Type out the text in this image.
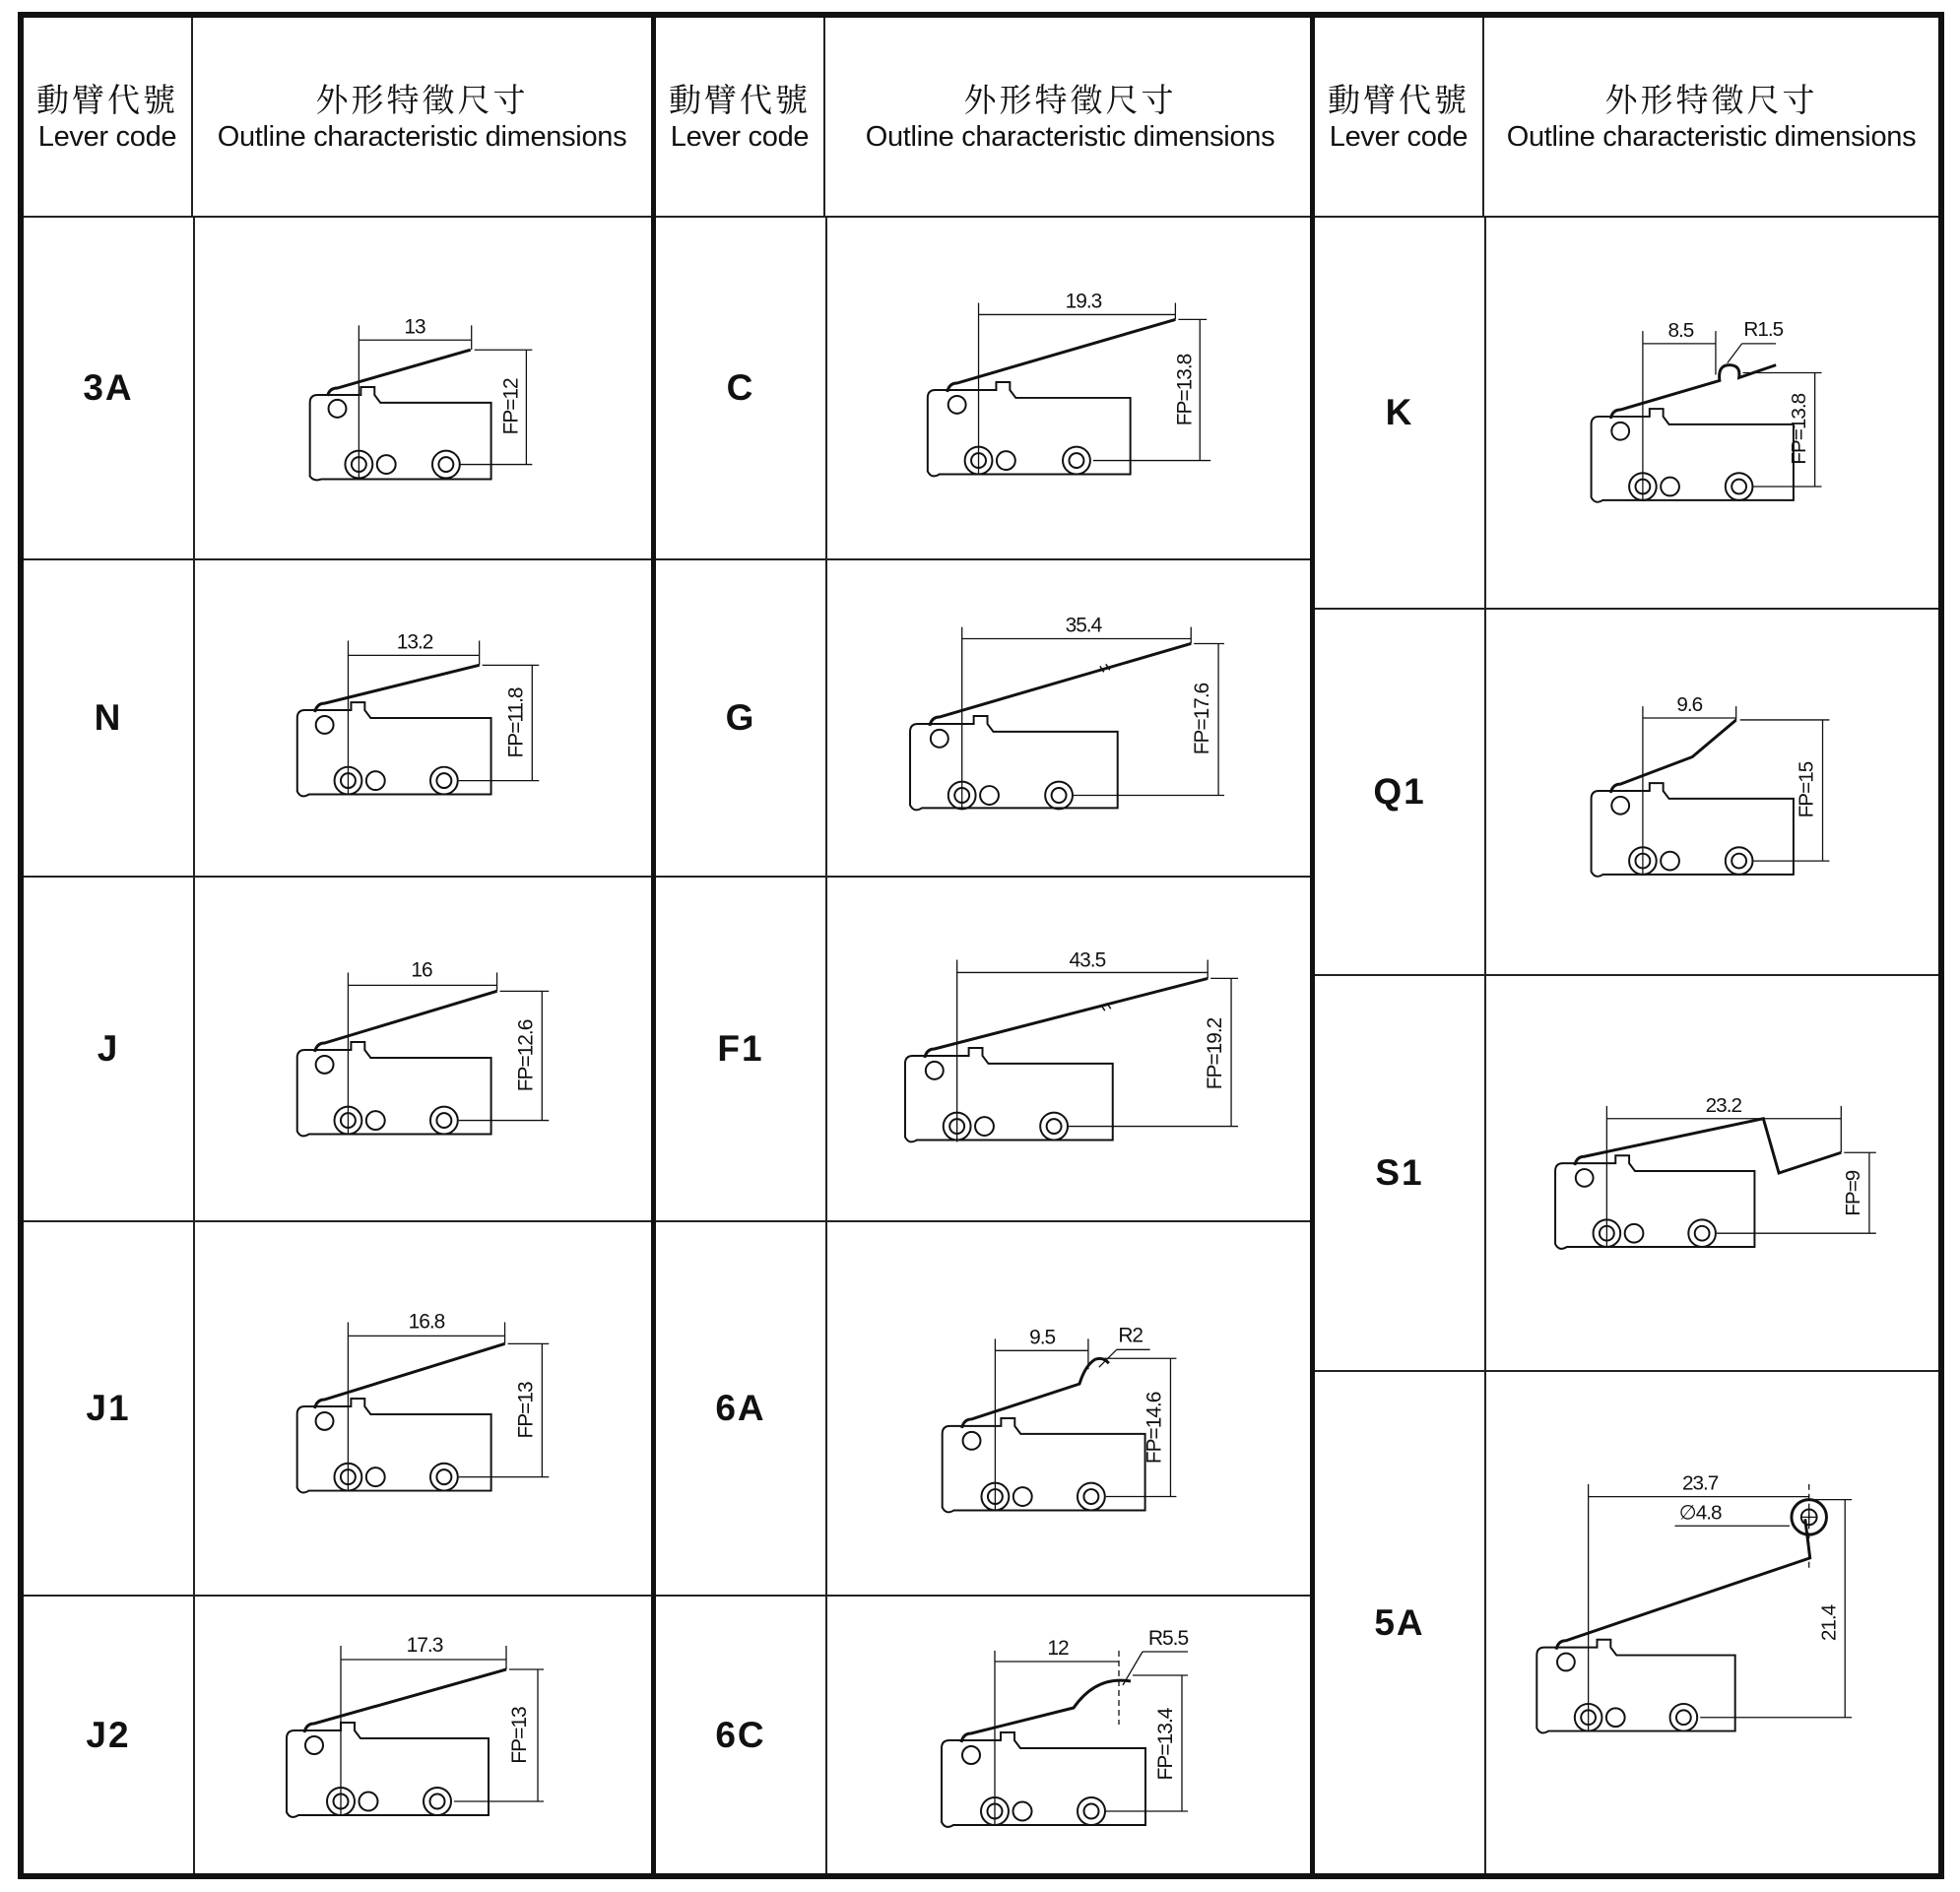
動臂代號
Lever code
外形特徵尺寸
Outline characteristic dimensions
3A
13
FP=12
N
13.2
FP=11.8
J
16
FP=12.6
J1
16.8
FP=13
J2
17.3
FP=13
動臂代號
Lever code
外形特徵尺寸
Outline characteristic dimensions
C
19.3
FP=13.8
G
35.4
FP=17.6
F1
43.5
FP=19.2
6A
9.5	R2
FP=14.6
6C
12	R5.5
FP=13.4
動臂代號
Lever code
外形特徵尺寸
Outline characteristic dimensions
K
8.5 R1.5
FP=13.8
Q1
9.6
FP=15
S1
23.2
FP=9
5A
23.7
∅4.8
21.4
